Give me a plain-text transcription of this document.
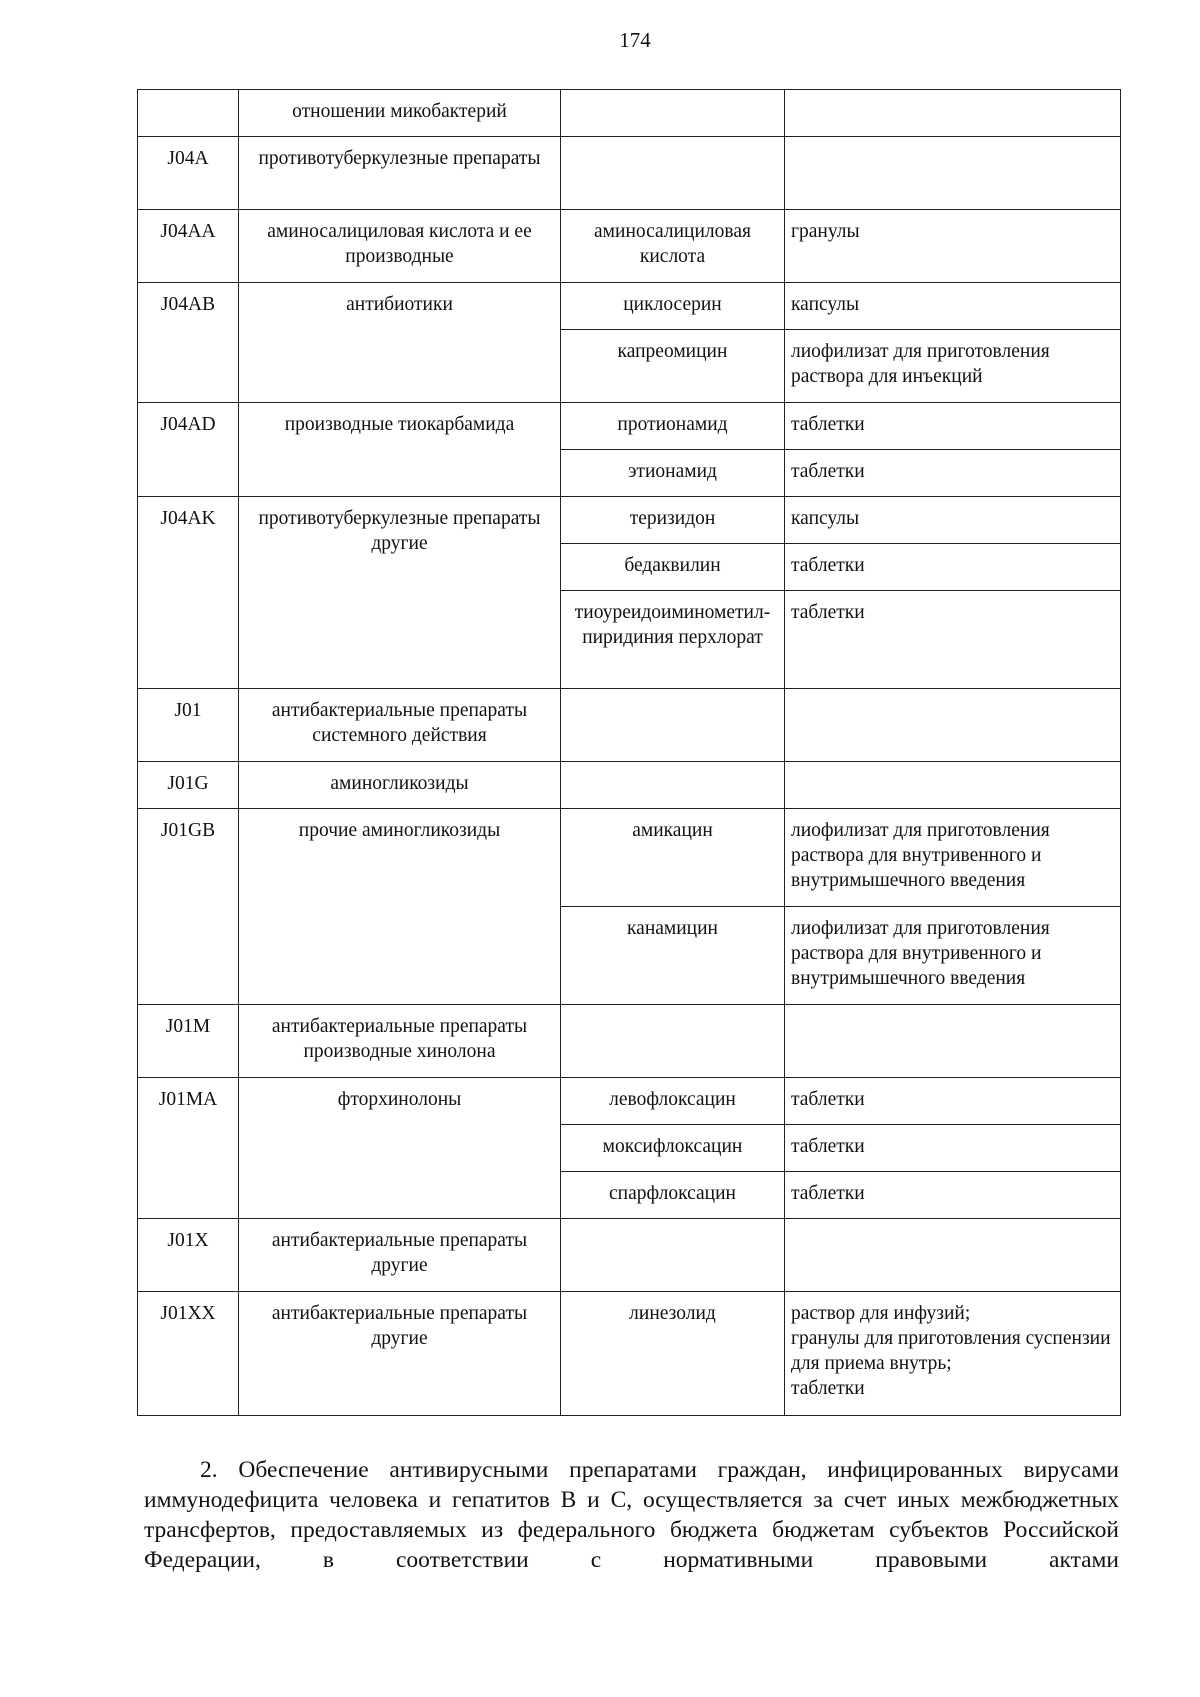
174
	отношении микобактерий		
J04A	противотуберкулезные препараты		
J04AA	аминосалициловая кислота и ее производные	аминосалициловая кислота	гранулы
J04AB	антибиотики	циклосерин	капсулы
		капреомицин	лиофилизат для приготовления раствора для инъекций
J04AD	производные тиокарбамида	протионамид	таблетки
		этионамид	таблетки
J04AK	противотуберкулезные препараты другие	теризидон	капсулы
		бедаквилин	таблетки
		тиоуреидоиминометил-пиридиния перхлорат	таблетки
J01	антибактериальные препараты системного действия		
J01G	аминогликозиды		
J01GB	прочие аминогликозиды	амикацин	лиофилизат для приготовления раствора для внутривенного и внутримышечного введения
		канамицин	лиофилизат для приготовления раствора для внутривенного и внутримышечного введения
J01M	антибактериальные препараты производные хинолона		
J01MA	фторхинолоны	левофлоксацин	таблетки
		моксифлоксацин	таблетки
		спарфлоксацин	таблетки
J01X	антибактериальные препараты другие		
J01XX	антибактериальные препараты другие	линезолид	раствор для инфузий;
гранулы для приготовления суспензии для приема внутрь;
таблетки
2. Обеспечение антивирусными препаратами граждан, инфицированных вирусами иммунодефицита человека и гепатитов B и C, осуществляется за счет иных межбюджетных трансфертов, предоставляемых из федерального бюджета бюджетам субъектов Российской Федерации, в соответствии с нормативными правовыми актами
